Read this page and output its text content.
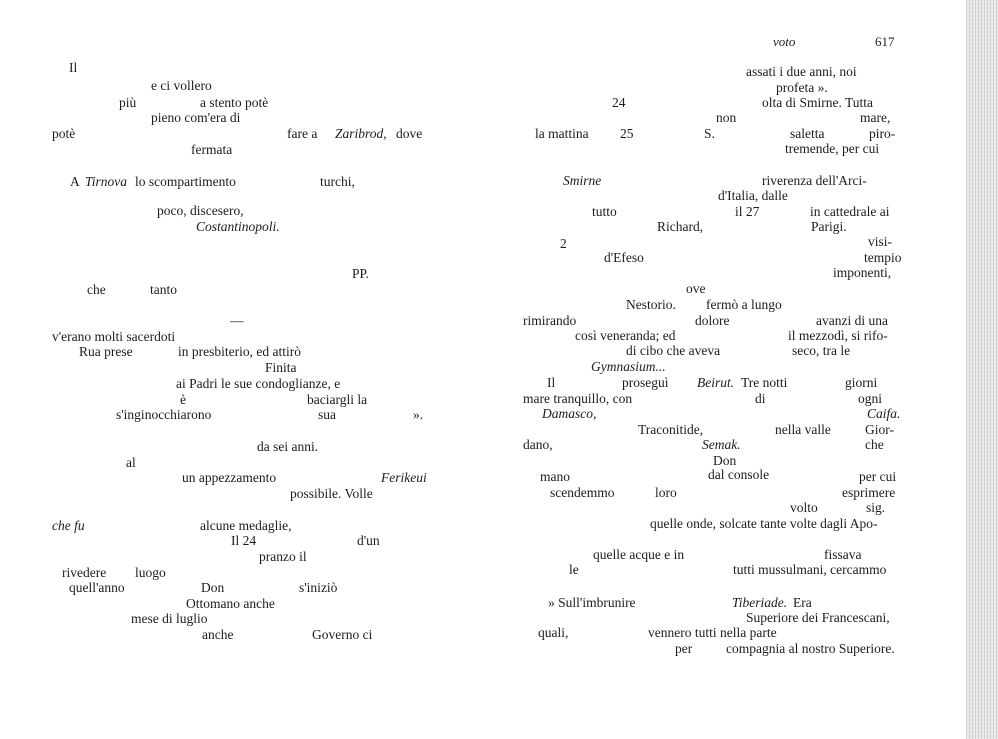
Il
e ci vollero
più	a stento potè
pieno com'era di
potè	fare a Zaribrod, dove
fermata
A Tirnova lo scompartimento	turchi,
poco, discesero,
Costantinopoli.
PP.
che	tanto
—
v'erano molti sacerdoti
Rua prese	in presbiterio, ed attirò
Finita
ai Padri le sue condoglianze, e
è	baciargli la
s'inginocchiarono	sua	».
da sei anni.
al
un appezzamento	Ferikeui
possibile. Volle
che fu	alcune medaglie,
Il 24	d'un
pranzo il
rivedere luogo
quell'anno	Don	s'iniziò
Ottomano anche
mese di luglio
anche	Governo ci
voto	617
assati i due anni, noi
profeta ».
24	olta di Smirne. Tutta
non	mare,
la mattina 25	S.	saletta	piro-
tremende, per cui
Smirne	riverenza dell'Arci-
d'Italia, dalle
tutto	il 27	in cattedrale ai
Richard,	Parigi.
visi-
2
tempio
d'Efeso
imponenti,
ove
Nestorio. fermò a lungo
rimirando	dolore	avanzi di una
così veneranda; ed	il mezzodì, si rifo-
di cibo che aveva	seco, tra le
Gymnasium...
Il	proseguì Beirut. Tre notti	giorni
mare tranquillo, con	di	ogni
Damasco,	Caifa.
Traconitide,	nella valle	Gior-
dano,	Semak.	che
Don
mano	dal console	per cui
scendemmo	loro	esprimere
volto	sig.
quelle onde, solcate tante volte dagli Apo-
quelle acque e in	fissava
le	tutti mussulmani, cercammo
» Sull'imbrunire	Tiberiade. Era
Superiore dei Francescani,
quali,	vennero tutti nella parte
per	compagnia al nostro Superiore.
